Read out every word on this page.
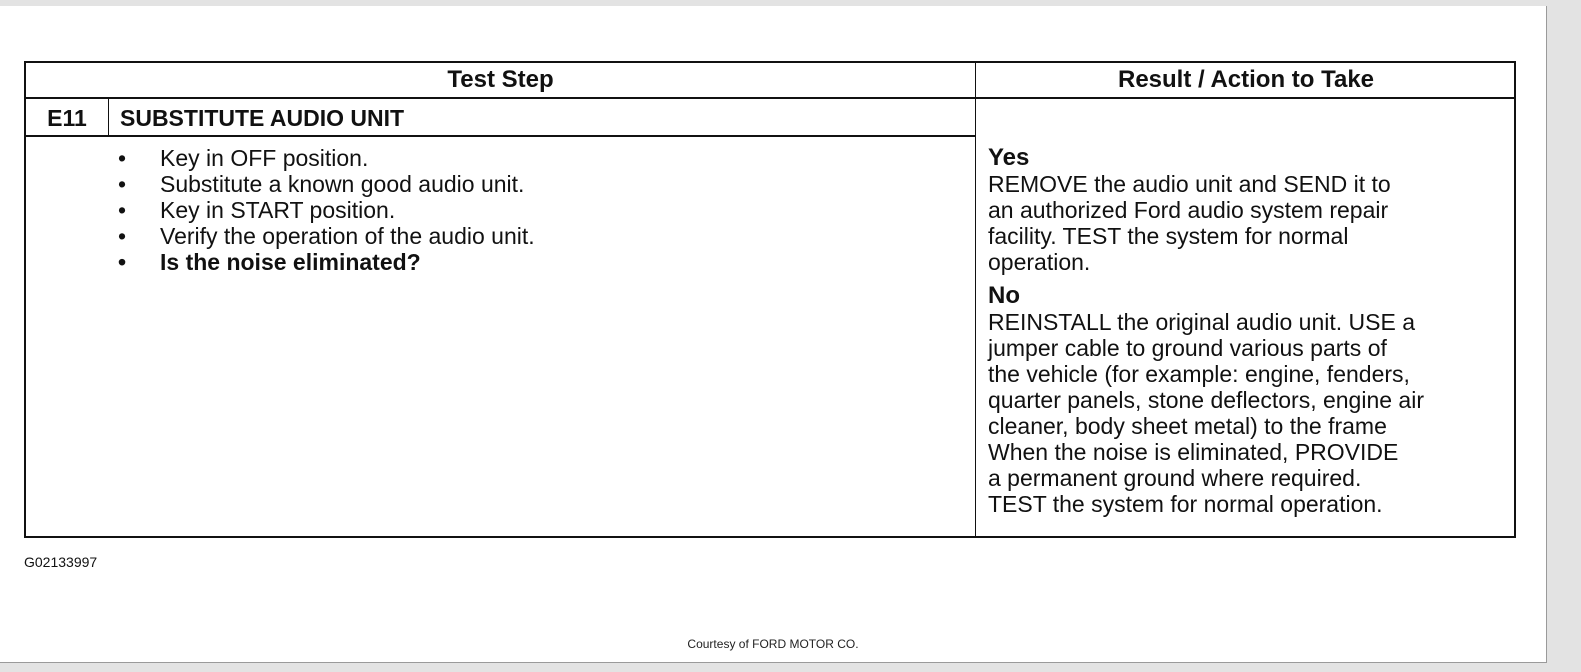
Test Step	Result / Action to Take
E11	SUBSTITUTE AUDIO UNIT
• Key in OFF position.
• Substitute a known good audio unit.
• Key in START position.
• Verify the operation of the audio unit.
• Is the noise eliminated?
Yes
REMOVE the audio unit and SEND it to
an authorized Ford audio system repair
facility. TEST the system for normal
operation.
No
REINSTALL the original audio unit. USE a
jumper cable to ground various parts of
the vehicle (for example: engine, fenders,
quarter panels, stone deflectors, engine air
cleaner, body sheet metal) to the frame
When the noise is eliminated, PROVIDE
a permanent ground where required.
TEST the system for normal operation.
G02133997
Courtesy of FORD MOTOR CO.
